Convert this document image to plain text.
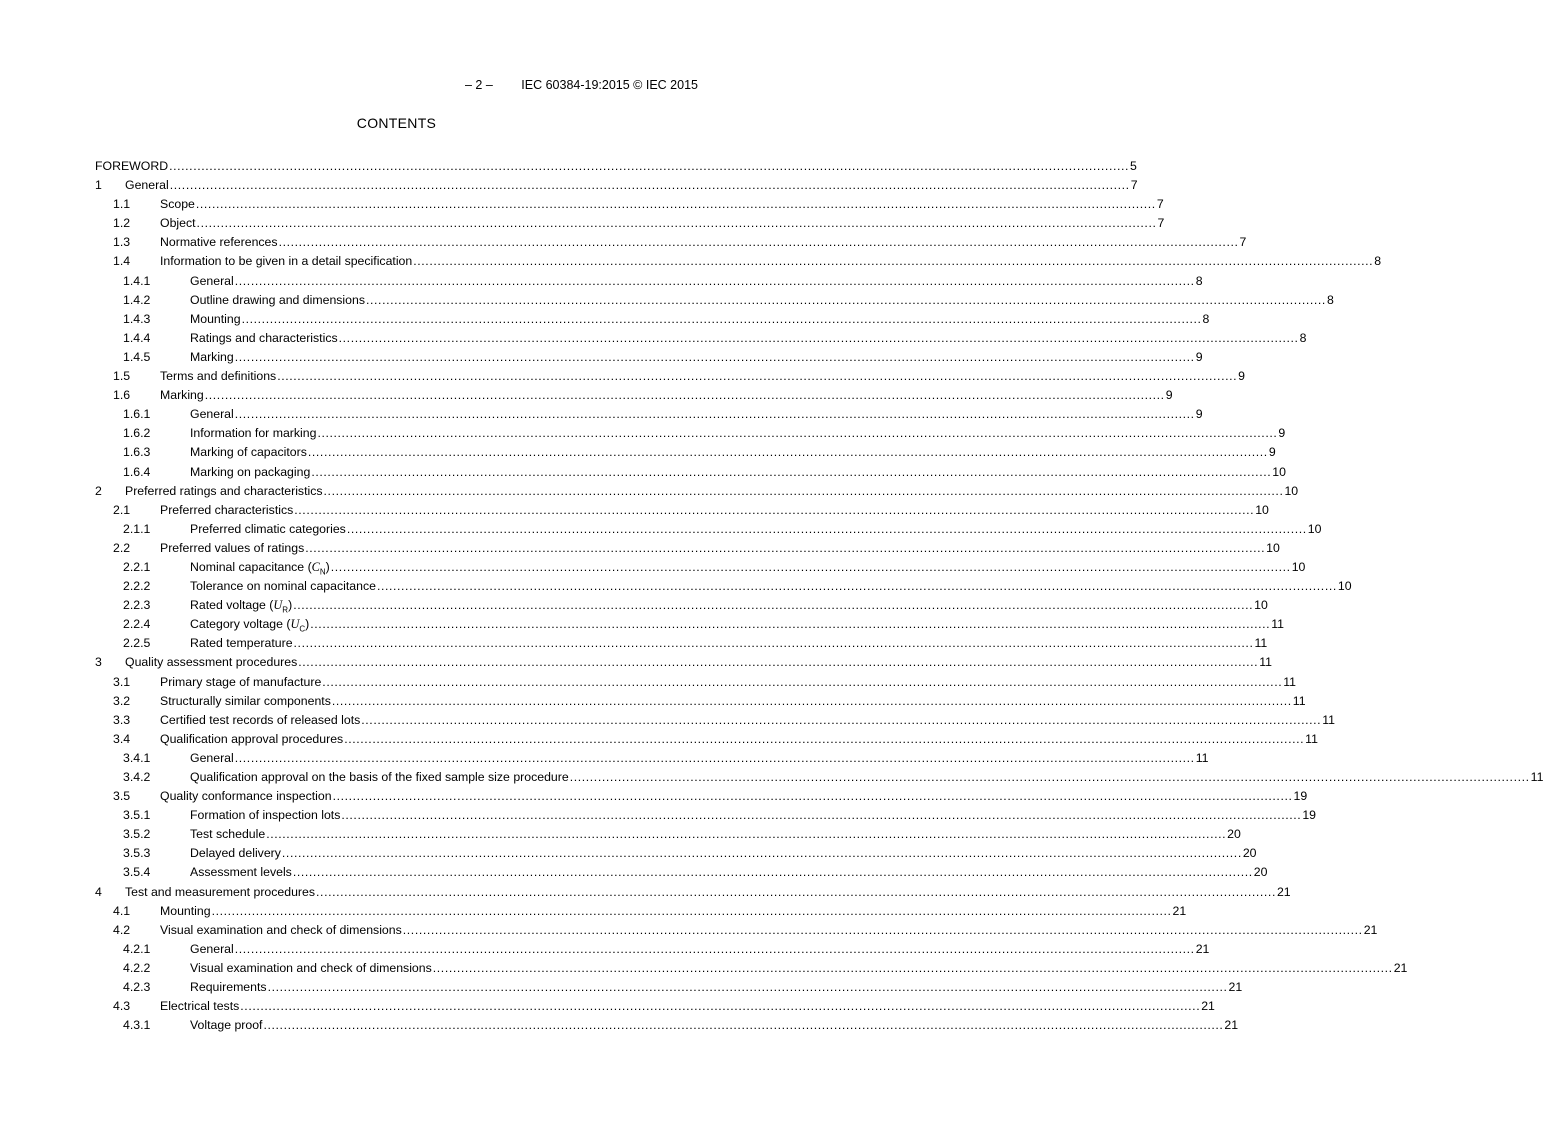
– 2 – IEC 60384-19:2015 © IEC 2015
CONTENTS
FOREWORD .....	5
1	General .....	7
1.1	Scope .....	7
1.2	Object .....	7
1.3	Normative references .....	7
1.4	Information to be given in a detail specification .....	8
1.4.1	General .....	8
1.4.2	Outline drawing and dimensions .....	8
1.4.3	Mounting .....	8
1.4.4	Ratings and characteristics .....	8
1.4.5	Marking .....	9
1.5	Terms and definitions .....	9
1.6	Marking .....	9
1.6.1	General .....	9
1.6.2	Information for marking .....	9
1.6.3	Marking of capacitors .....	9
1.6.4	Marking on packaging .....	10
2	Preferred ratings and characteristics .....	10
2.1	Preferred characteristics .....	10
2.1.1	Preferred climatic categories .....	10
2.2	Preferred values of ratings .....	10
2.2.1	Nominal capacitance $(C_N)$ .....	10
2.2.2	Tolerance on nominal capacitance .....	10
2.2.3	Rated voltage $(U_R)$ .....	10
2.2.4	Category voltage $(U_C)$ .....	11
2.2.5	Rated temperature .....	11
3	Quality assessment procedures .....	11
3.1	Primary stage of manufacture .....	11
3.2	Structurally similar components .....	11
3.3	Certified test records of released lots .....	11
3.4	Qualification approval procedures .....	11
3.4.1	General .....	11
3.4.2	Qualification approval on the basis of the fixed sample size procedure .....	11
3.5	Quality conformance inspection .....	19
3.5.1	Formation of inspection lots .....	19
3.5.2	Test schedule .....	20
3.5.3	Delayed delivery .....	20
3.5.4	Assessment levels .....	20
4	Test and measurement procedures .....	21
4.1	Mounting .....	21
4.2	Visual examination and check of dimensions .....	21
4.2.1	General .....	21
4.2.2	Visual examination and check of dimensions .....	21
4.2.3	Requirements .....	21
4.3	Electrical tests .....	21
4.3.1	Voltage proof .....	21
